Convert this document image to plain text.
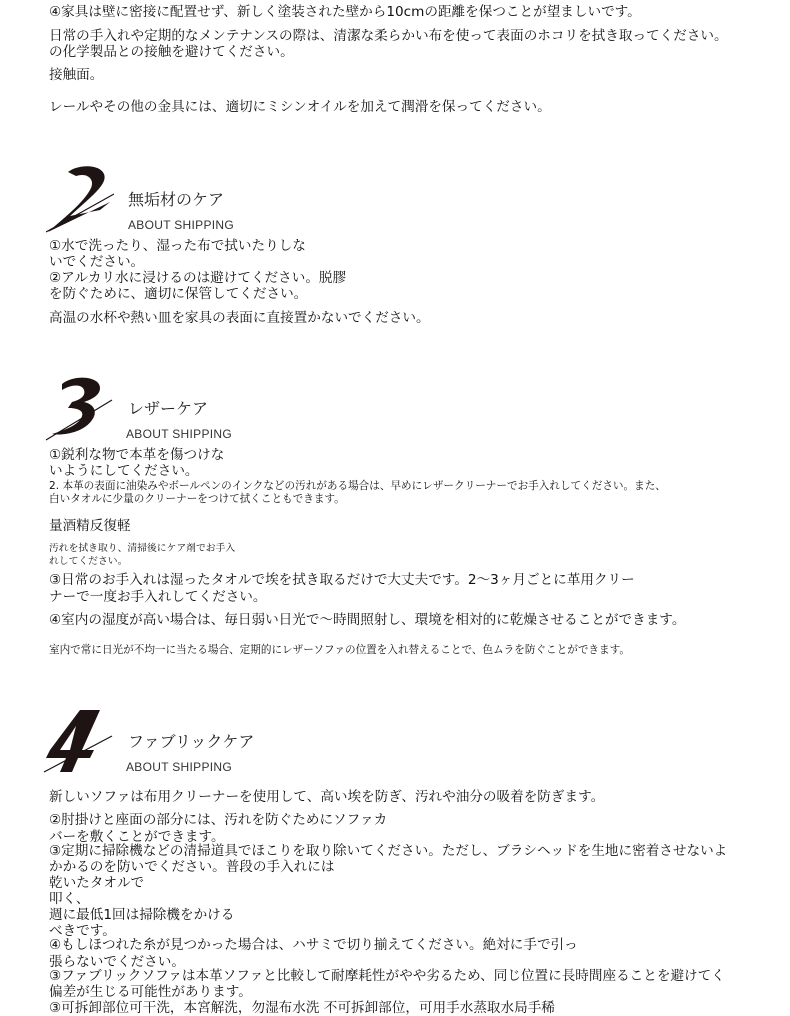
④家具は壁に密接に配置せず、新しく塗装された壁から10cmの距離を保つことが望ましいです。
日常の手入れや定期的なメンテナンスの際は、清潔な柔らかい布を使って表面のホコリを拭き取ってください。
の化学製品との接触を避けてください。
接触面。
レールやその他の金具には、適切にミシンオイルを加えて潤滑を保ってください。
無垢材のケア
ABOUT SHIPPING
①水で洗ったり、湿った布で拭いたりしな
いでください。
②アルカリ水に浸けるのは避けてください。脱膠
を防ぐために、適切に保管してください。
高温の水杯や熱い皿を家具の表面に直接置かないでください。
レザーケア
ABOUT SHIPPING
①鋭利な物で本革を傷つけな
いようにしてください。
2. 本革の表面に油染みやボールペンのインクなどの汚れがある場合は、早めにレザークリーナーでお手入れしてください。また、
白いタオルに少量のクリーナーをつけて拭くこともできます。
量酒精反復軽
汚れを拭き取り、清掃後にケア剤でお手入
れしてください。
③日常のお手入れは湿ったタオルで埃を拭き取るだけで大丈夫です。2〜3ヶ月ごとに革用クリー
ナーで一度お手入れしてください。
④室内の湿度が高い場合は、毎日弱い日光で〜時間照射し、環境を相対的に乾燥させることができます。
室内で常に日光が不均一に当たる場合、定期的にレザーソファの位置を入れ替えることで、色ムラを防ぐことができます。
ファブリックケア
ABOUT SHIPPING
新しいソファは布用クリーナーを使用して、高い埃を防ぎ、汚れや油分の吸着を防ぎます。
②肘掛けと座面の部分には、汚れを防ぐためにソファカ
バーを敷くことができます。
③定期に掃除機などの清掃道具でほこりを取り除いてください。ただし、ブラシヘッドを生地に密着させないよ
かかるのを防いでください。普段の手入れには
乾いたタオルで
叩く、
週に最低1回は掃除機をかける
べきです。
④もしほつれた糸が見つかった場合は、ハサミで切り揃えてください。絶対に手で引っ
張らないでください。
③ファブリックソファは本革ソファと比較して耐摩耗性がやや劣るため、同じ位置に長時間座ることを避けてく
偏差が生じる可能性があります。
③可拆卸部位可干洗，本宮解洗，勿湿布水洗 不可拆卸部位，可用手水蒸取水局手稀
